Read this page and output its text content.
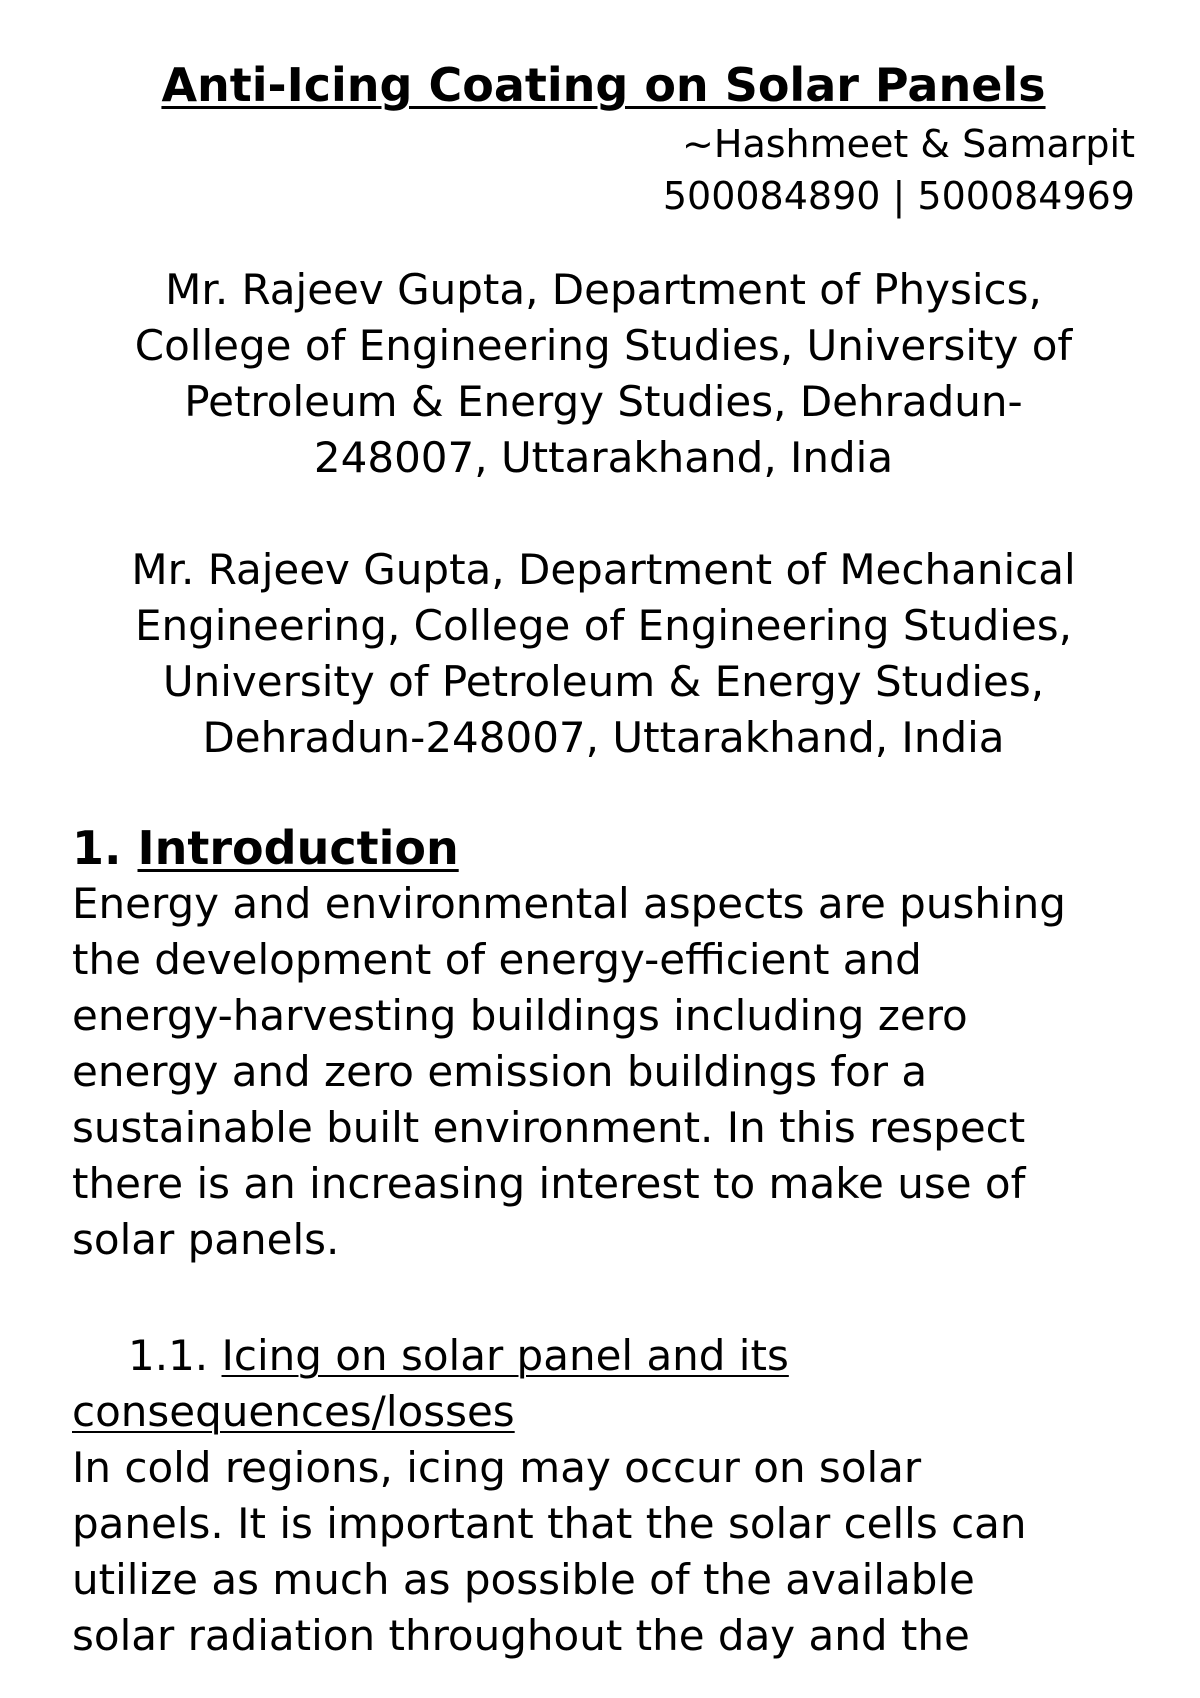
Anti-Icing Coating on Solar Panels
~Hashmeet & Samarpit
500084890 | 500084969
Mr. Rajeev Gupta, Department of Physics,
College of Engineering Studies, University of
Petroleum & Energy Studies, Dehradun-
248007, Uttarakhand, India
Mr. Rajeev Gupta, Department of Mechanical
Engineering, College of Engineering Studies,
University of Petroleum & Energy Studies,
Dehradun-248007, Uttarakhand, India
1. Introduction
Energy and environmental aspects are pushing
the development of energy-efficient and
energy-harvesting buildings including zero
energy and zero emission buildings for a
sustainable built environment. In this respect
there is an increasing interest to make use of
solar panels.
1.1. Icing on solar panel and its
consequences/losses
In cold regions, icing may occur on solar
panels. It is important that the solar cells can
utilize as much as possible of the available
solar radiation throughout the day and the
